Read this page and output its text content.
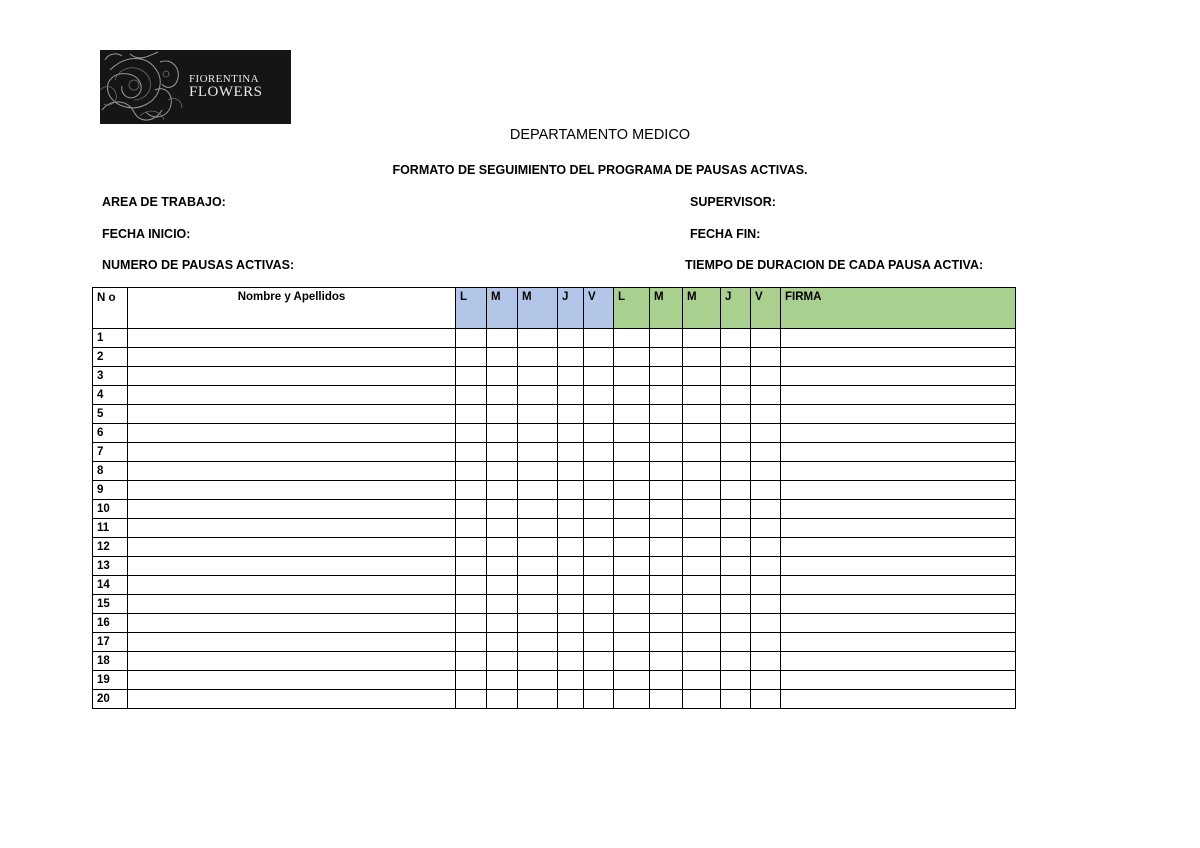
FIORENTINA
FLOWERS
DEPARTAMENTO MEDICO
FORMATO DE SEGUIMIENTO DEL PROGRAMA DE PAUSAS ACTIVAS.
AREA DE TRABAJO:	SUPERVISOR:
FECHA INICIO:	FECHA FIN:
NUMERO DE PAUSAS ACTIVAS:	TIEMPO DE DURACION DE CADA PAUSA ACTIVA:
N o	Nombre y Apellidos	L	M	M	J	V	L	M	M	J	V	FIRMA
1												
2												
3												
4												
5												
6												
7												
8												
9												
10												
11												
12												
13												
14												
15												
16												
17												
18												
19												
20												
